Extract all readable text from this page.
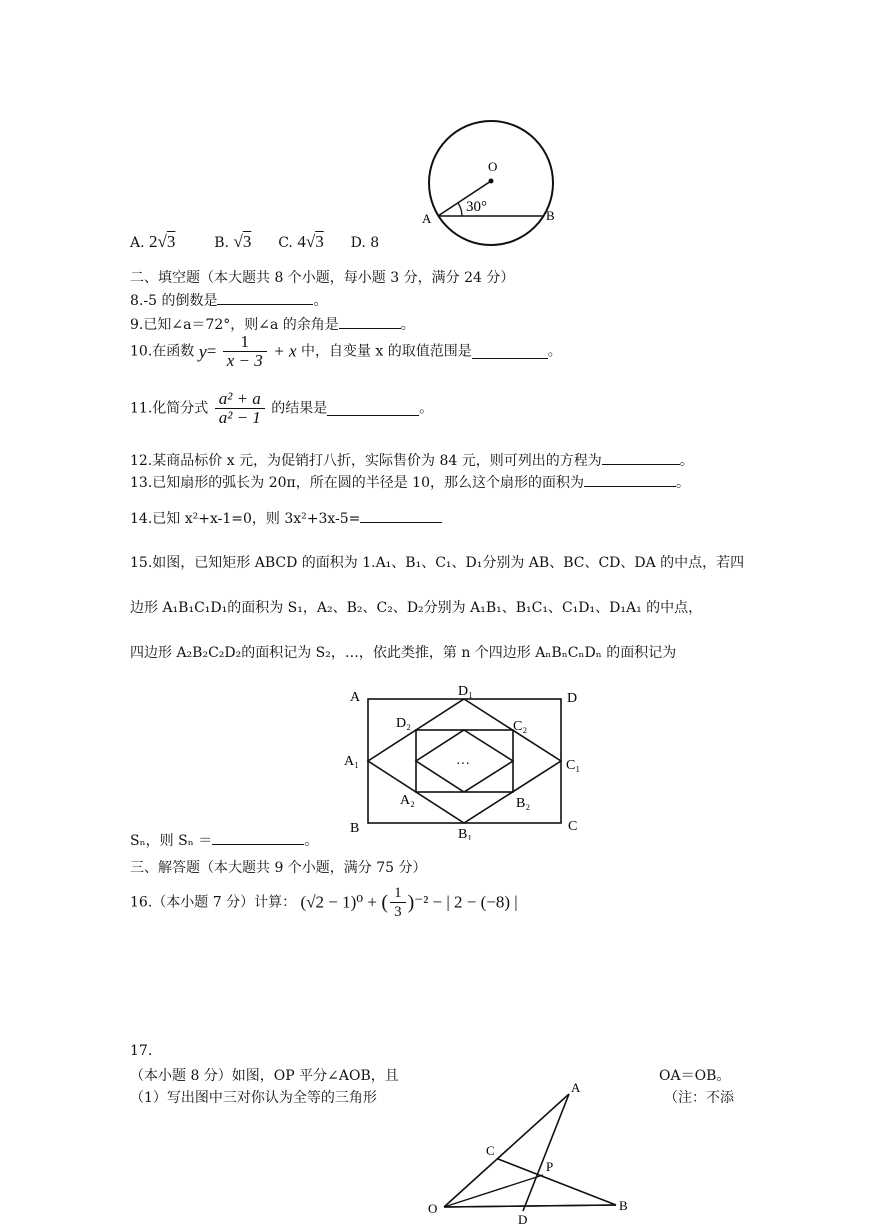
O
A	B
30°
A. 2√3	B. √3 C. 4√3 D. 8
二、填空题（本大题共 8 个小题，每小题 3 分，满分 24 分）
8.-5 的倒数是	。
9.已知∠a＝72°，则∠a 的余角是	。
10.在函数 $y= \frac{1}{x - 3} + x$ 中，自变量 x 的取值范围是	。
11.化简分式 $\frac{\text{a² + a}}{\text{a² − 1}}$ 的结果是	。
12.某商品标价 x 元，为促销打八折，实际售价为 84 元，则可列出的方程为	。
13.已知扇形的弧长为 20π，所在圆的半径是 10，那么这个扇形的面积为	。
14.已知 x²+x-1=0，则 3x²+3x-5=
15.如图，已知矩形 ABCD 的面积为 1.A₁、B₁、C₁、D₁分别为 AB、BC、CD、DA 的中点，若四
边形 A₁B₁C₁D₁的面积为 S₁，A₂、B₂、C₂、D₂分别为 A₁B₁、B₁C₁、C₁D₁、D₁A₁ 的中点，
四边形 A₂B₂C₂D₂的面积记为 S₂，…，依此类推，第 n 个四边形 AₙBₙCₙDₙ 的面积记为
···
A
B	C
D
D₁
B₁
A₁	C₁
D₂	C₂
A₂	B₂
Sₙ，则 Sₙ ＝	。
三、解答题（本大题共 9 个小题，满分 75 分）
16.（本小题 7 分）计算： (√2 − 1)⁰ + ( $\frac{1}{3} )^{-2}$ − | 2 − (−8) |
17.
（本小题 8 分）如图，OP 平分∠AOB，且	OA＝OB。
（1）写出图中三对你认为全等的三角形	（注：不添
A
C
P
O	B
D
